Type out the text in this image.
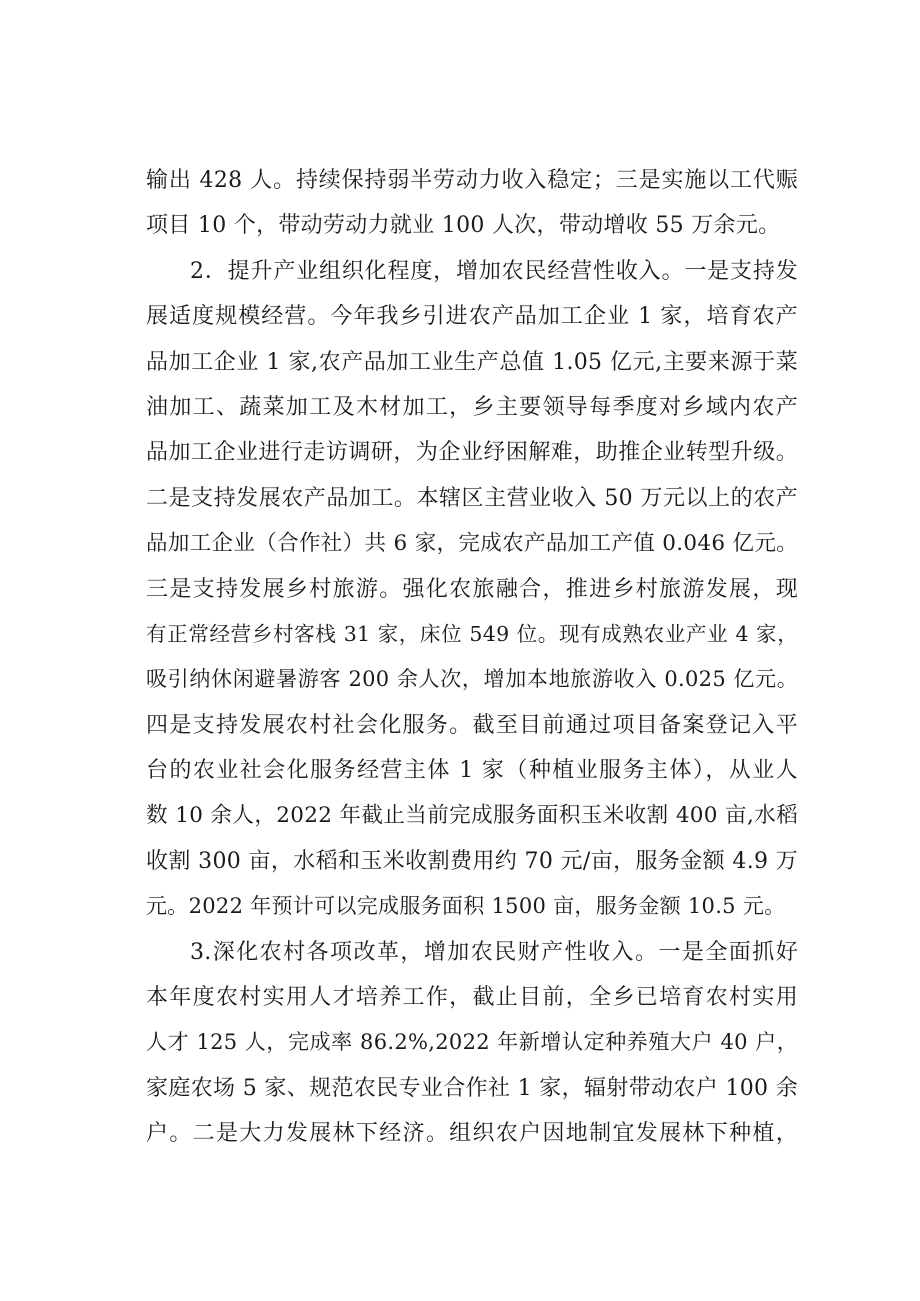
输出 428 人。持续保持弱半劳动力收入稳定；三是实施以工代赈
项目 10 个，带动劳动力就业 100 人次，带动增收 55 万余元。
2．提升产业组织化程度，增加农民经营性收入。一是支持发
展适度规模经营。今年我乡引进农产品加工企业 1 家，培育农产
品加工企业 1 家,农产品加工业生产总值 1.05 亿元,主要来源于菜
油加工、蔬菜加工及木材加工，乡主要领导每季度对乡域内农产
品加工企业进行走访调研，为企业纾困解难，助推企业转型升级。
二是支持发展农产品加工。本辖区主营业收入 50 万元以上的农产
品加工企业（合作社）共 6 家，完成农产品加工产值 0.046 亿元。
三是支持发展乡村旅游。强化农旅融合，推进乡村旅游发展，现
有正常经营乡村客栈 31 家，床位 549 位。现有成熟农业产业 4 家，
吸引纳休闲避暑游客 200 余人次，增加本地旅游收入 0.025 亿元。
四是支持发展农村社会化服务。截至目前通过项目备案登记入平
台的农业社会化服务经营主体 1 家（种植业服务主体），从业人
数 10 余人，2022 年截止当前完成服务面积玉米收割 400 亩,水稻
收割 300 亩，水稻和玉米收割费用约 70 元/亩，服务金额 4.9 万
元。2022 年预计可以完成服务面积 1500 亩，服务金额 10.5 元。
3.深化农村各项改革，增加农民财产性收入。一是全面抓好
本年度农村实用人才培养工作，截止目前，全乡已培育农村实用
人才 125 人，完成率 86.2%,2022 年新增认定种养殖大户 40 户，
家庭农场 5 家、规范农民专业合作社 1 家，辐射带动农户 100 余
户。二是大力发展林下经济。组织农户因地制宜发展林下种植，
